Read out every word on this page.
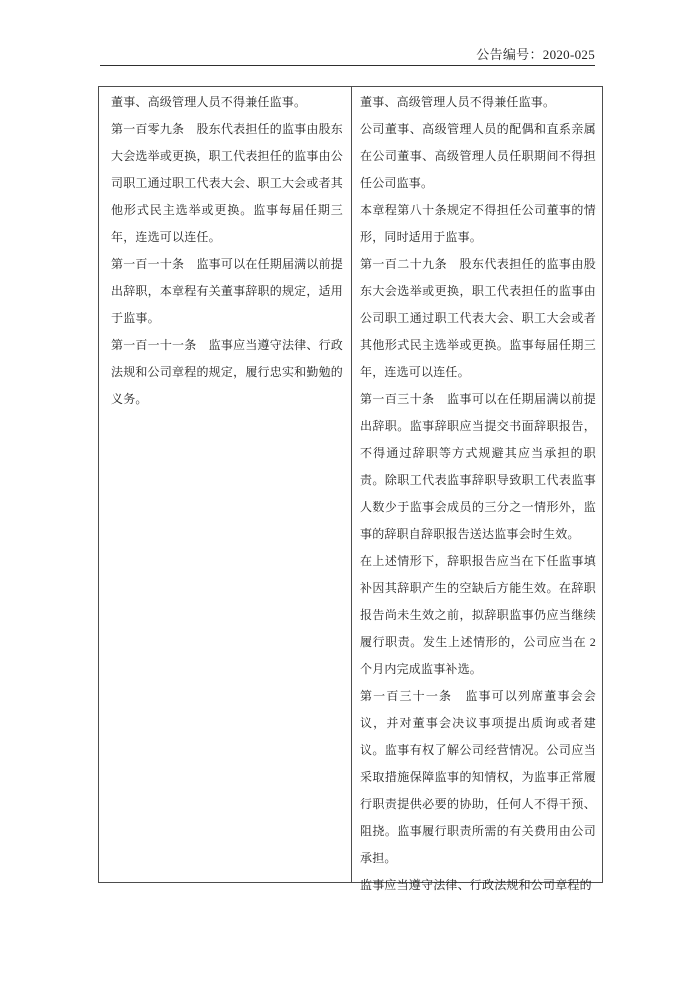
公告编号：2020-025

董事、高级管理人员不得兼任监事。

第一百零九条　股东代表担任的监事由股东大会选举或更换，职工代表担任的监事由公司职工通过职工代表大会、职工大会或者其他形式民主选举或更换。监事每届任期三年，连选可以连任。

第一百一十条　监事可以在任期届满以前提出辞职，本章程有关董事辞职的规定，适用于监事。

第一百一十一条　监事应当遵守法律、行政法规和公司章程的规定，履行忠实和勤勉的义务。

董事、高级管理人员不得兼任监事。

公司董事、高级管理人员的配偶和直系亲属在公司董事、高级管理人员任职期间不得担任公司监事。

本章程第八十条规定不得担任公司董事的情形，同时适用于监事。

第一百二十九条　股东代表担任的监事由股东大会选举或更换，职工代表担任的监事由公司职工通过职工代表大会、职工大会或者其他形式民主选举或更换。监事每届任期三年，连选可以连任。

第一百三十条　监事可以在任期届满以前提出辞职。监事辞职应当提交书面辞职报告，不得通过辞职等方式规避其应当承担的职责。除职工代表监事辞职导致职工代表监事人数少于监事会成员的三分之一情形外，监事的辞职自辞职报告送达监事会时生效。

在上述情形下，辞职报告应当在下任监事填补因其辞职产生的空缺后方能生效。在辞职报告尚未生效之前，拟辞职监事仍应当继续履行职责。发生上述情形的，公司应当在 2 个月内完成监事补选。

第一百三十一条　监事可以列席董事会会议，并对董事会决议事项提出质询或者建议。监事有权了解公司经营情况。公司应当采取措施保障监事的知情权，为监事正常履行职责提供必要的协助，任何人不得干预、阻挠。监事履行职责所需的有关费用由公司承担。

监事应当遵守法律、行政法规和公司章程的
